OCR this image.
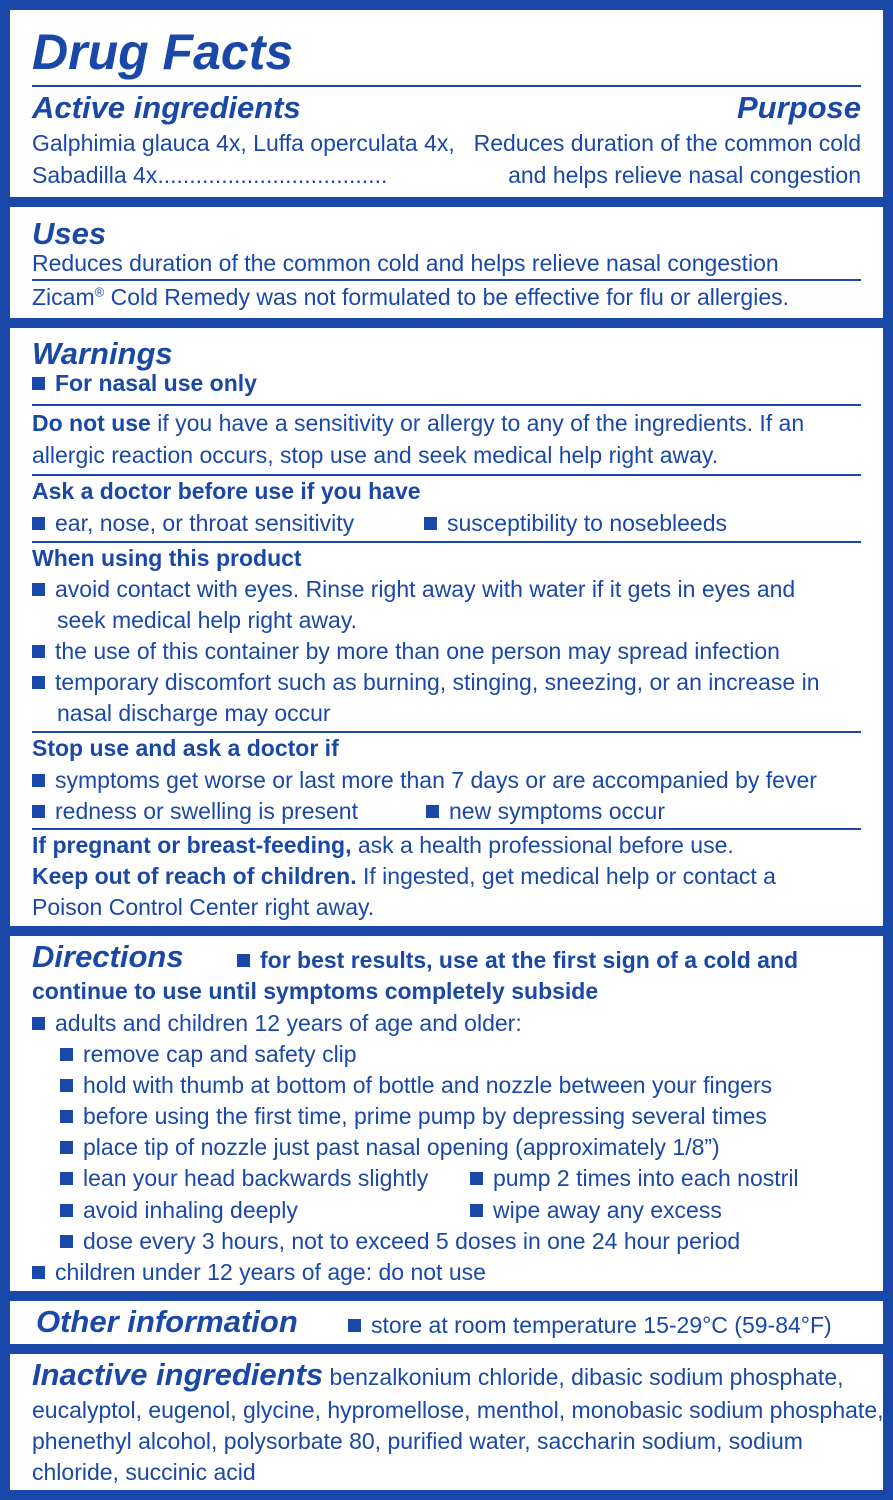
Drug Facts
Active ingredients	Purpose
Galphimia glauca 4x, Luffa operculata 4x, Reduces duration of the common cold
Sabadilla 4x....................................	and helps relieve nasal congestion
Uses
Reduces duration of the common cold and helps relieve nasal congestion
Zicam® Cold Remedy was not formulated to be effective for flu or allergies.
Warnings
For nasal use only
Do not use if you have a sensitivity or allergy to any of the ingredients. If an
allergic reaction occurs, stop use and seek medical help right away.
Ask a doctor before use if you have
ear, nose, or throat sensitivity	susceptibility to nosebleeds
When using this product
avoid contact with eyes. Rinse right away with water if it gets in eyes and
seek medical help right away.
the use of this container by more than one person may spread infection
temporary discomfort such as burning, stinging, sneezing, or an increase in
nasal discharge may occur
Stop use and ask a doctor if
symptoms get worse or last more than 7 days or are accompanied by fever
redness or swelling is present	new symptoms occur
If pregnant or breast-feeding, ask a health professional before use.
Keep out of reach of children. If ingested, get medical help or contact a
Poison Control Center right away.
Directions	for best results, use at the first sign of a cold and
continue to use until symptoms completely subside
adults and children 12 years of age and older:
remove cap and safety clip
hold with thumb at bottom of bottle and nozzle between your fingers
before using the first time, prime pump by depressing several times
place tip of nozzle just past nasal opening (approximately 1/8”)
lean your head backwards slightly	pump 2 times into each nostril
avoid inhaling deeply	wipe away any excess
dose every 3 hours, not to exceed 5 doses in one 24 hour period
children under 12 years of age: do not use
Other information	store at room temperature 15-29°C (59-84°F)
Inactive ingredients benzalkonium chloride, dibasic sodium phosphate,
eucalyptol, eugenol, glycine, hypromellose, menthol, monobasic sodium phosphate,
phenethyl alcohol, polysorbate 80, purified water, saccharin sodium, sodium
chloride, succinic acid
